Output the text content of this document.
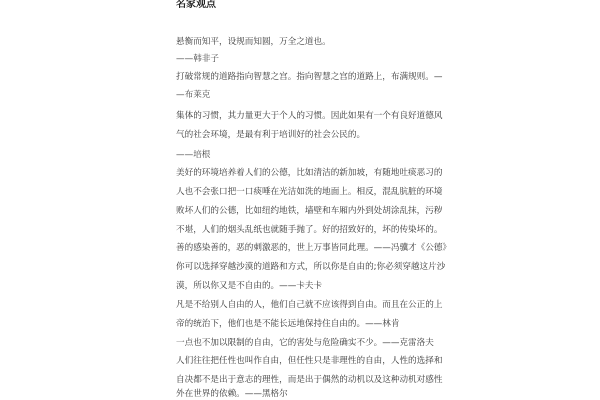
名家观点
悬衡而知平，设规而知圆，万全之道也。
——韩非子
打破常规的道路指向智慧之宫。指向智慧之宫的道路上，布满规则。—
—布莱克
集体的习惯，其力量更大于个人的习惯。因此如果有一个有良好道德风
气的社会环境，是最有利于培训好的社会公民的。
——培根
美好的环境培养着人们的公德，比如清洁的新加坡，有随地吐痰恶习的
人也不会张口把一口痰唾在光洁如洗的地面上。相反，混乱肮脏的环境
败坏人们的公德，比如纽约地铁，墙壁和车厢内外到处胡涂乱抹，污秽
不堪，人们的烟头乱纸也就随手抛了。好的招致好的，坏的传染坏的。
善的感染善的，恶的刺激恶的，世上万事皆同此理。——冯骥才《公德》
你可以选择穿越沙漠的道路和方式，所以你是自由的;你必须穿越这片沙
漠，所以你又是不自由的。——卡夫卡
凡是不给别人自由的人，他们自己就不应该得到自由。而且在公正的上
帝的统治下，他们也是不能长远地保持住自由的。——林肯
一点也不加以限制的自由，它的害处与危险确实不少。——克雷洛夫
人们往往把任性也叫作自由，但任性只是非理性的自由，人性的选择和
自决都不是出于意志的理性，而是出于偶然的动机以及这种动机对感性
外在世界的依赖。——黑格尔
